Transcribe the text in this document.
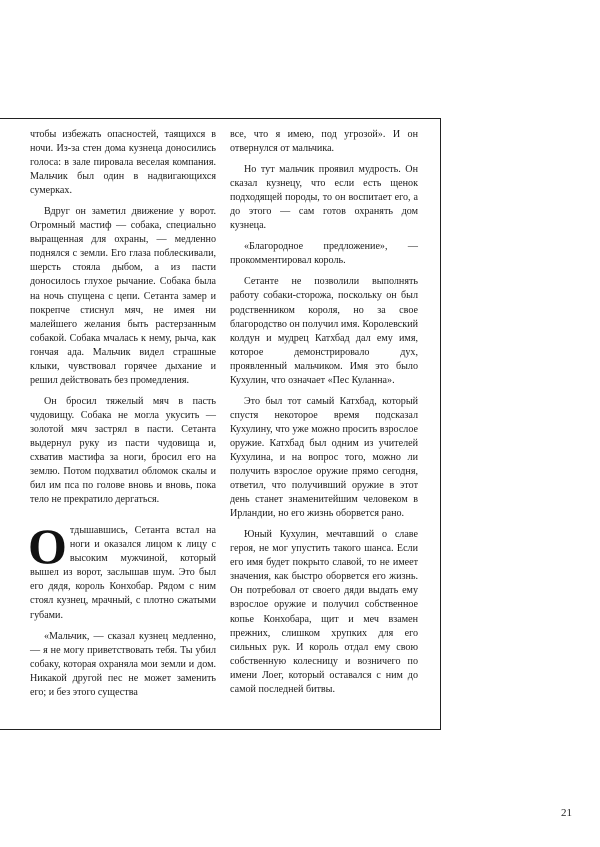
чтобы избежать опасностей, таящихся в ночи. Из-за стен дома кузнеца доносились голоса: в зале пировала веселая компания. Мальчик был один в надвигающихся сумерках.

Вдруг он заметил движение у ворот. Огромный мастиф — собака, специально выращенная для охраны, — медленно поднялся с земли. Его глаза поблескивали, шерсть стояла дыбом, а из пасти доносилось глухое рычание. Собака была на ночь спущена с цепи. Сетанта замер и покрепче стиснул мяч, не имея ни малейшего желания быть растерзанным собакой. Собака мчалась к нему, рыча, как гончая ада. Мальчик видел страшные клыки, чувствовал горячее дыхание и решил действовать без промедления.

Он бросил тяжелый мяч в пасть чудовищу. Собака не могла укусить — золотой мяч застрял в пасти. Сетанта выдернул руку из пасти чудовища и, схватив мастифа за ноги, бросил его на землю. Потом подхватил обломок скалы и бил им пса по голове вновь и вновь, пока тело не прекратило дергаться.

Отдышавшись, Сетанта встал на ноги и оказался лицом к лицу с высоким мужчиной, который вышел из ворот, заслышав шум. Это был его дядя, король Конхобар. Рядом с ним стоял кузнец, мрачный, с плотно сжатыми губами.

«Мальчик, — сказал кузнец медленно, — я не могу приветствовать тебя. Ты убил собаку, которая охраняла мои земли и дом. Никакой другой пес не может заменить его; и без этого существа

все, что я имею, под угрозой». И он отвернулся от мальчика.

Но тут мальчик проявил мудрость. Он сказал кузнецу, что если есть щенок подходящей породы, то он воспитает его, а до этого — сам готов охранять дом кузнеца.

«Благородное предложение», — прокомментировал король.

Сетанте не позволили выполнять работу собаки-сторожа, поскольку он был родственником короля, но за свое благородство он получил имя. Королевский колдун и мудрец Катхбад дал ему имя, которое демонстрировало дух, проявленный мальчиком. Имя это было Кухулин, что означает «Пес Куланна».

Это был тот самый Катхбад, который спустя некоторое время подсказал Кухулину, что уже можно просить взрослое оружие. Катхбад был одним из учителей Кухулина, и на вопрос того, можно ли получить взрослое оружие прямо сегодня, ответил, что получивший оружие в этот день станет знаменитейшим человеком в Ирландии, но его жизнь оборвется рано.

Юный Кухулин, мечтавший о славе героя, не мог упустить такого шанса. Если его имя будет покрыто славой, то не имеет значения, как быстро оборвется его жизнь. Он потребовал от своего дяди выдать ему взрослое оружие и получил собственное копье Конхобара, щит и меч взамен прежних, слишком хрупких для его сильных рук. И король отдал ему свою собственную колесницу и возничего по имени Лоег, который оставался с ним до самой последней битвы.

21
